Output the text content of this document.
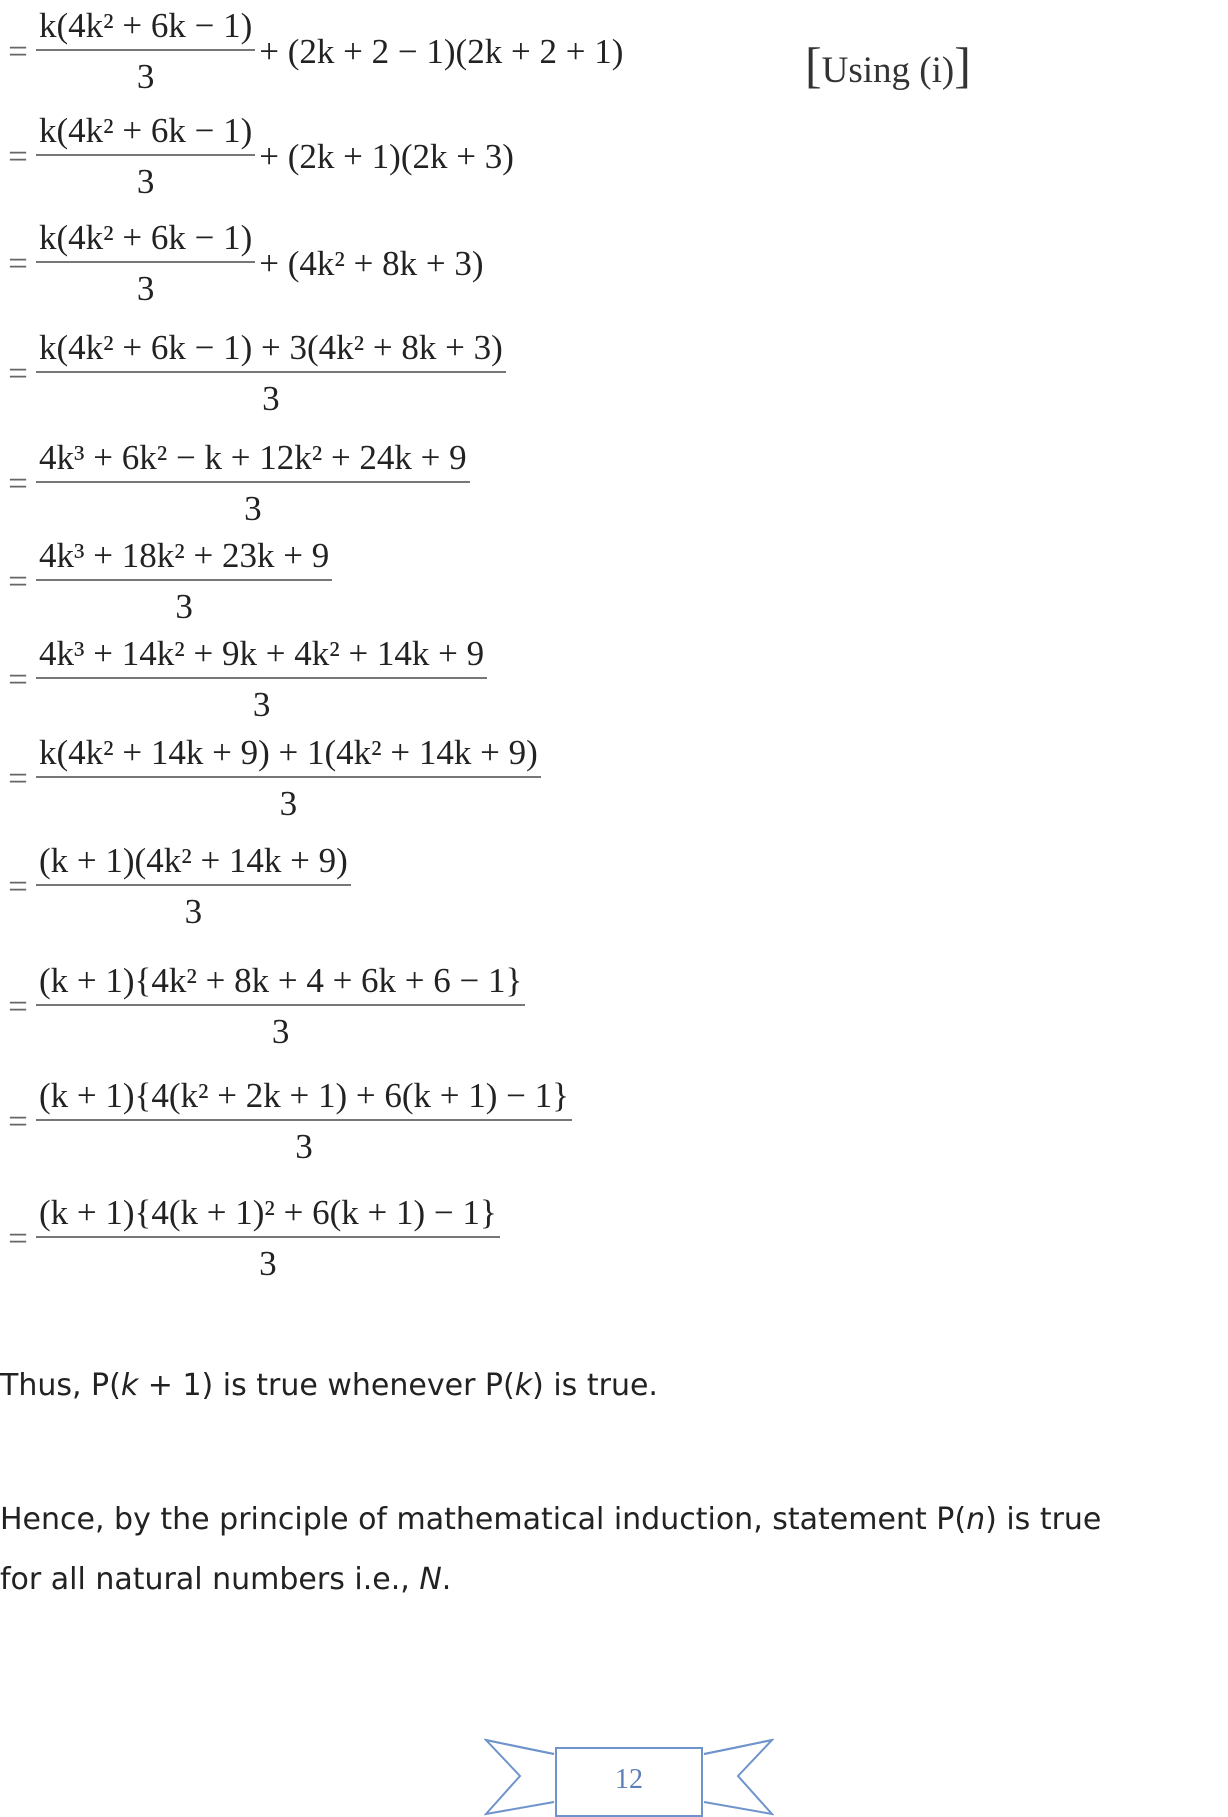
= $\frac{\text{k(4k² + 6k − 1)}}{3} + (2k + 2 - 1)(2k + 2 + 1)$	[Using (i)]
= $\frac{\text{k(4k² + 6k − 1)}}{3} + (2k + 1)(2k + 3)$
= $\frac{\text{k(4k² + 6k − 1)}}{3} + (4k^2 + 8k + 3)$
= $\frac{\text{k(4k² + 6k − 1) + 3(4k² + 8k + 3)}}{3}$
= $\frac{\text{4k³ + 6k² − k + 12k² + 24k + 9}}{3}$
= $\frac{\text{4k³ + 18k² + 23k + 9}}{3}$
= $\frac{\text{4k³ + 14k² + 9k + 4k² + 14k + 9}}{3}$
= $\frac{\text{k(4k² + 14k + 9) + 1(4k² + 14k + 9)}}{3}$
= $\frac{\text{(k + 1)(4k² + 14k + 9)}}{3}$
= $\frac{\text{(k + 1)\{4k² + 8k + 4 + 6k + 6 − 1\}}}{3}$
= $\frac{\text{(k + 1)\{4(k² + 2k + 1) + 6(k + 1) − 1\}}}{3}$
= $\frac{\text{(k + 1)\{4(k + 1)² + 6(k + 1) − 1\}}}{3}$

Thus, P(k + 1) is true whenever P(k) is true.

Hence, by the principle of mathematical induction, statement P(n) is true
for all natural numbers i.e., N.

12
